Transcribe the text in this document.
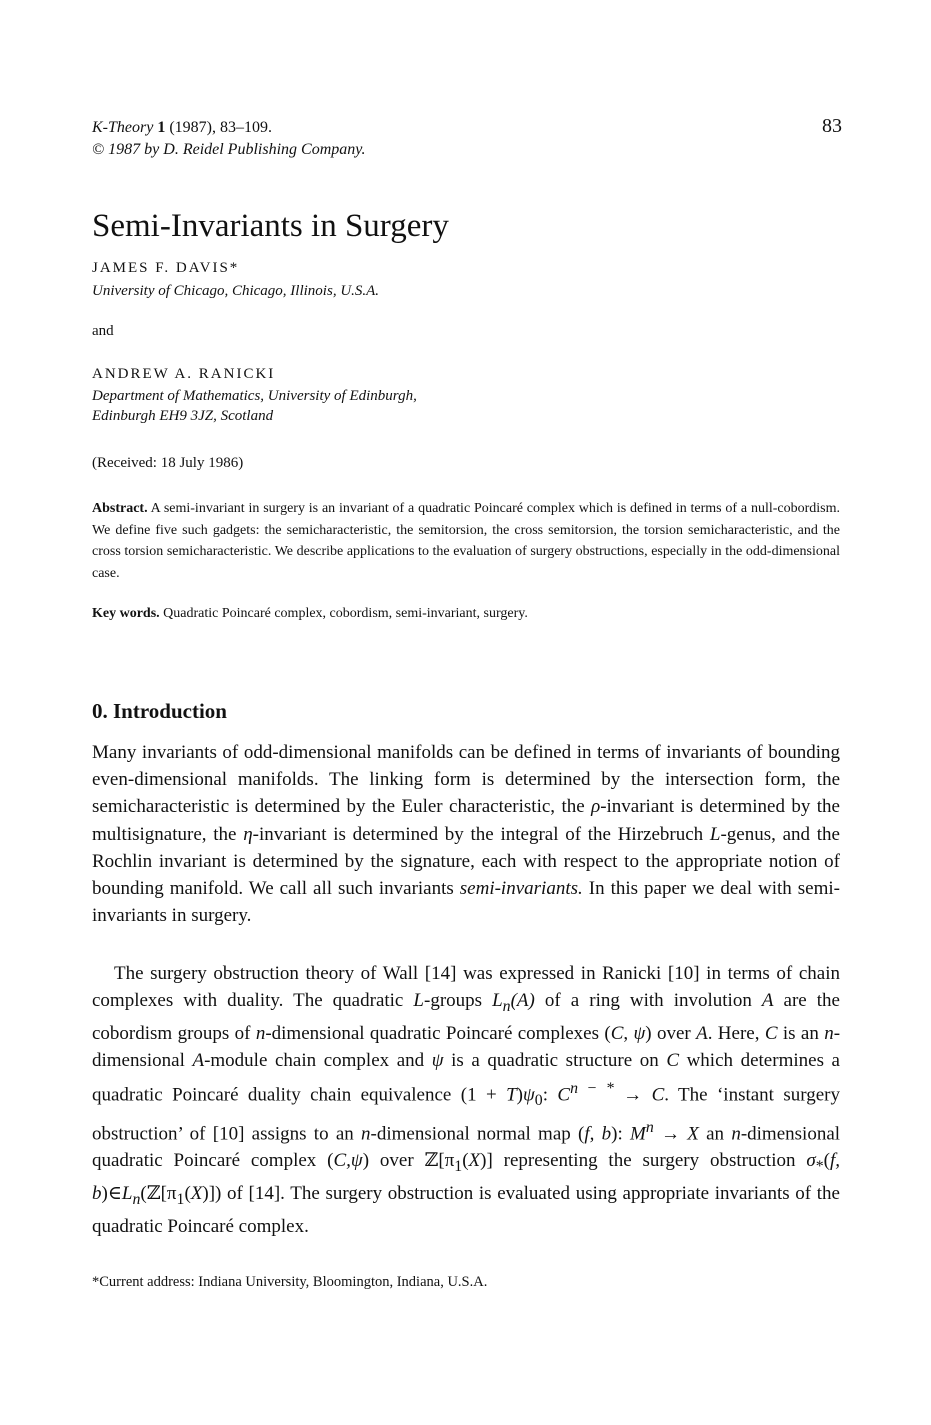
K-Theory 1 (1987), 83–109.
© 1987 by D. Reidel Publishing Company.
83
Semi-Invariants in Surgery
JAMES F. DAVIS*
University of Chicago, Chicago, Illinois, U.S.A.
and
ANDREW A. RANICKI
Department of Mathematics, University of Edinburgh,
Edinburgh EH9 3JZ, Scotland
(Received: 18 July 1986)
Abstract. A semi-invariant in surgery is an invariant of a quadratic Poincaré complex which is defined in terms of a null-cobordism. We define five such gadgets: the semicharacteristic, the semitorsion, the cross semitorsion, the torsion semicharacteristic, and the cross torsion semicharacteristic. We describe applications to the evaluation of surgery obstructions, especially in the odd-dimensional case.
Key words. Quadratic Poincaré complex, cobordism, semi-invariant, surgery.
0. Introduction

Many invariants of odd-dimensional manifolds can be defined in terms of invariants of bounding even-dimensional manifolds. The linking form is determined by the intersection form, the semicharacteristic is determined by the Euler characteristic, the ρ-invariant is determined by the multisignature, the η-invariant is determined by the integral of the Hirzebruch L-genus, and the Rochlin invariant is determined by the signature, each with respect to the appropriate notion of bounding manifold. We call all such invariants semi-invariants. In this paper we deal with semi-invariants in surgery.

The surgery obstruction theory of Wall [14] was expressed in Ranicki [10] in terms of chain complexes with duality. The quadratic L-groups $L_n(A)$ of a ring with involution A are the cobordism groups of n-dimensional quadratic Poincaré complexes (C, ψ) over A. Here, C is an n-dimensional A-module chain complex and ψ is a quadratic structure on C which determines a quadratic Poincaré duality chain equivalence $(1 + T)\psi_0$: $C^{n - *} \to C$. The ‘instant surgery obstruction’ of [10] assigns to an n-dimensional normal map (f, b): $M^n \to X$ an n-dimensional quadratic Poincaré complex (C,ψ) over $ℤ[\pi_1(X)]$ representing the surgery obstruction $\sigma_*(f$, $b)\in L_n(ℤ[\pi_1(X)])$ of [14]. The surgery obstruction is evaluated using appropriate invariants of the quadratic Poincaré complex.

*Current address: Indiana University, Bloomington, Indiana, U.S.A.
